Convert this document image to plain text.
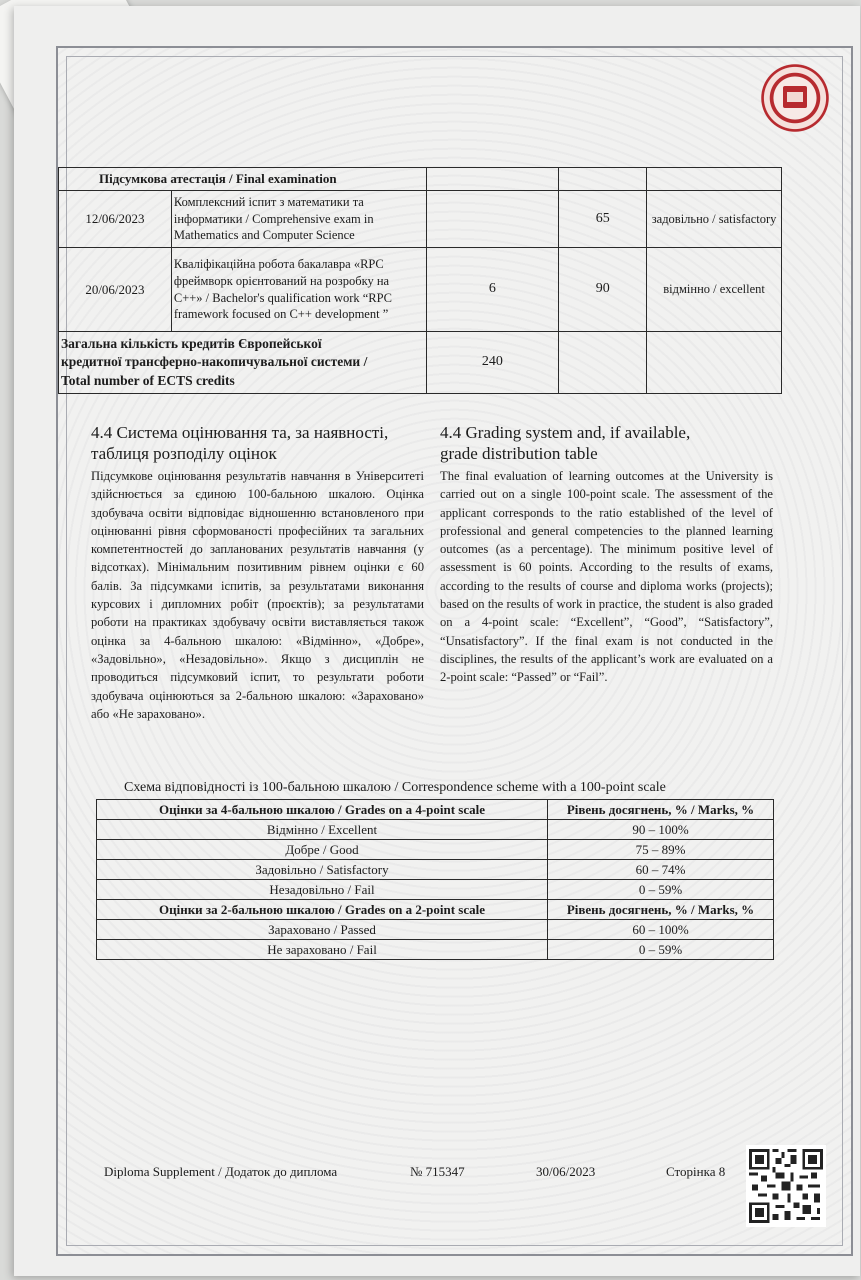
Підсумкова атестація / Final examination				
12/06/2023	Комплексний іспит з математики та
інформатики / Comprehensive exam in
Mathematics and Computer Science		65	задовільно / satisfactory
20/06/2023	Кваліфікаційна робота бакалавра «RPC
фреймворк орієнтований на розробку на
C++» / Bachelor's qualification work “RPC
framework focused on C++ development ”	6	90	відмінно / excellent

Загальна кількість кредитів Європейської
кредитної трансферно-накопичувальної системи /
Total number of ECTS credits		240		
4.4 Система оцінювання та, за наявності,
таблиця розподілу оцінок

Підсумкове оцінювання результатів навчання в Університеті здійснюється за єдиною 100-бальною шкалою. Оцінка здобувача освіти відповідає відношенню встановленого при оцінюванні рівня сформованості професійних та загальних компетентностей до запланованих результатів навчання (у відсотках). Мінімальним позитивним рівнем оцінки є 60 балів. За підсумками іспитів, за результатами виконання курсових і дипломних робіт (проєктів); за результатами роботи на практиках здобувачу освіти виставляється також оцінка за 4-бальною шкалою: «Відмінно», «Добре», «Задовільно», «Незадовільно». Якщо з дисциплін не проводиться підсумковий іспит, то результати роботи здобувача оцінюються за 2-бальною шкалою: «Зараховано» або «Не зараховано».

4.4 Grading system and, if available,
grade distribution table

The final evaluation of learning outcomes at the University is carried out on a single 100-point scale. The assessment of the applicant corresponds to the ratio established of the level of professional and general competencies to the planned learning outcomes (as a percentage). The minimum positive level of assessment is 60 points. According to the results of exams, according to the results of course and diploma works (projects); based on the results of work in practice, the student is also graded on a 4-point scale: “Excellent”, “Good”, “Satisfactory”, “Unsatisfactory”. If the final exam is not conducted in the disciplines, the results of the applicant’s work are evaluated on a 2-point scale: “Passed” or “Fail”.

Схема відповідності із 100-бальною шкалою / Correspondence scheme with a 100-point scale
Оцінки за 4-бальною шкалою / Grades on a 4-point scale	Рівень досягнень, % / Marks, %
Відмінно / Excellent	90 – 100%
Добре / Good	75 – 89%
Задовільно / Satisfactory	60 – 74%
Незадовільно / Fail	0 – 59%
Оцінки за 2-бальною шкалою / Grades on a 2-point scale	Рівень досягнень, % / Marks, %
Зараховано / Passed	60 – 100%
Не зараховано / Fail	0 – 59%
Diploma Supplement / Додаток до диплома	№ 715347	30/06/2023	Сторінка 8
